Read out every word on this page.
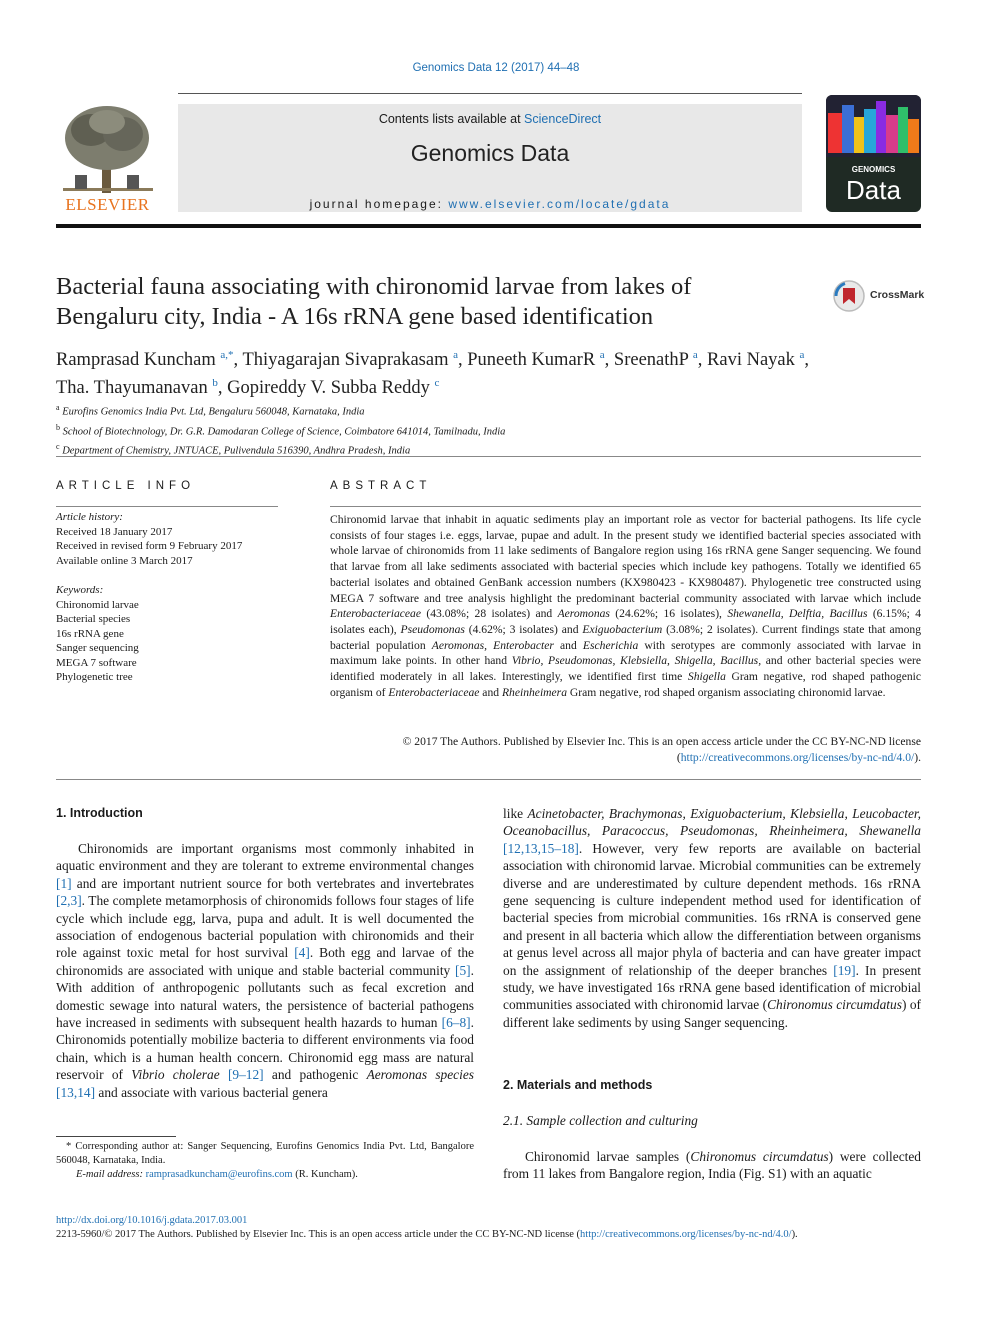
Genomics Data 12 (2017) 44–48
ELSEVIER
Contents lists available at ScienceDirect
Genomics Data
journal homepage: www.elsevier.com/locate/gdata
GENOMICS
Data
Bacterial fauna associating with chironomid larvae from lakes of
Bengaluru city, India - A 16s rRNA gene based identification
CrossMark
Ramprasad Kuncham $^{a,*}$, Thiyagarajan Sivaprakasam $^a$, Puneeth KumarR $^a$, SreenathP $^a$, Ravi Nayak $^a$,
Tha. Thayumanavan $^b$, Gopireddy V. Subba Reddy $^c$
$^a$ Eurofins Genomics India Pvt. Ltd, Bengaluru 560048, Karnataka, India
$^b$ School of Biotechnology, Dr. G.R. Damodaran College of Science, Coimbatore 641014, Tamilnadu, India
$^c$ Department of Chemistry, JNTUACE, Pulivendula 516390, Andhra Pradesh, India
ARTICLE INFO	ABSTRACT
Article history:
Received 18 January 2017
Received in revised form 9 February 2017
Available online 3 March 2017
Keywords:
Chironomid larvae
Bacterial species
16s rRNA gene
Sanger sequencing
MEGA 7 software
Phylogenetic tree
Chironomid larvae that inhabit in aquatic sediments play an important role as vector for bacterial pathogens. Its life cycle consists of four stages i.e. eggs, larvae, pupae and adult. In the present study we identified bacterial species associated with whole larvae of chironomids from 11 lake sediments of Bangalore region using 16s rRNA gene Sanger sequencing. We found that larvae from all lake sediments associated with bacterial species which include key pathogens. Totally we identified 65 bacterial isolates and obtained GenBank accession numbers (KX980423 - KX980487). Phylogenetic tree constructed using MEGA 7 software and tree analysis highlight the predominant bacterial community associated with larvae which include Enterobacteriaceae (43.08%; 28 isolates) and Aeromonas (24.62%; 16 isolates), Shewanella, Delftia, Bacillus (6.15%; 4 isolates each), Pseudomonas (4.62%; 3 isolates) and Exiguobacterium (3.08%; 2 isolates). Current findings state that among bacterial population Aeromonas, Enterobacter and Escherichia with serotypes are commonly associated with larvae in maximum lake points. In other hand Vibrio, Pseudomonas, Klebsiella, Shigella, Bacillus, and other bacterial species were identified moderately in all lakes. Interestingly, we identified first time Shigella Gram negative, rod shaped pathogenic organism of Enterobacteriaceae and Rheinheimera Gram negative, rod shaped organism associating chironomid larvae.
© 2017 The Authors. Published by Elsevier Inc. This is an open access article under the CC BY-NC-ND license
(http://creativecommons.org/licenses/by-nc-nd/4.0/).
1. Introduction

Chironomids are important organisms most commonly inhabited in aquatic environment and they are tolerant to extreme environmental changes [1] and are important nutrient source for both vertebrates and invertebrates [2,3]. The complete metamorphosis of chironomids follows four stages of life cycle which include egg, larva, pupa and adult. It is well documented the association of endogenous bacterial population with chironomids and their role against toxic metal for host survival [4]. Both egg and larvae of the chironomids are associated with unique and stable bacterial community [5]. With addition of anthropogenic pollutants such as fecal excretion and domestic sewage into natural waters, the persistence of bacterial pathogens have increased in sediments with subsequent health hazards to human [6–8]. Chironomids potentially mobilize bacteria to different environments via food chain, which is a human health concern. Chironomid egg mass are natural reservoir of Vibrio cholerae [9–12] and pathogenic Aeromonas species [13,14] and associate with various bacterial genera

like Acinetobacter, Brachymonas, Exiguobacterium, Klebsiella, Leucobacter, Oceanobacillus, Paracoccus, Pseudomonas, Rheinheimera, Shewanella [12,13,15–18]. However, very few reports are available on bacterial association with chironomid larvae. Microbial communities can be extremely diverse and are underestimated by culture dependent methods. 16s rRNA gene sequencing is culture independent method used for identification of bacterial species from microbial communities. 16s rRNA is conserved gene and present in all bacteria which allow the differentiation between organisms at genus level across all major phyla of bacteria and can have greater impact on the assignment of relationship of the deeper branches [19]. In present study, we have investigated 16s rRNA gene based identification of microbial communities associated with chironomid larvae (Chironomus circumdatus) of different lake sediments by using Sanger sequencing.

2. Materials and methods
2.1. Sample collection and culturing

Chironomid larvae samples (Chironomus circumdatus) were collected from 11 lakes from Bangalore region, India (Fig. S1) with an aquatic

* Corresponding author at: Sanger Sequencing, Eurofins Genomics India Pvt. Ltd, Bangalore 560048, Karnataka, India.
E-mail address: ramprasadkuncham@eurofins.com (R. Kuncham).
http://dx.doi.org/10.1016/j.gdata.2017.03.001
2213-5960/© 2017 The Authors. Published by Elsevier Inc. This is an open access article under the CC BY-NC-ND license (http://creativecommons.org/licenses/by-nc-nd/4.0/).
